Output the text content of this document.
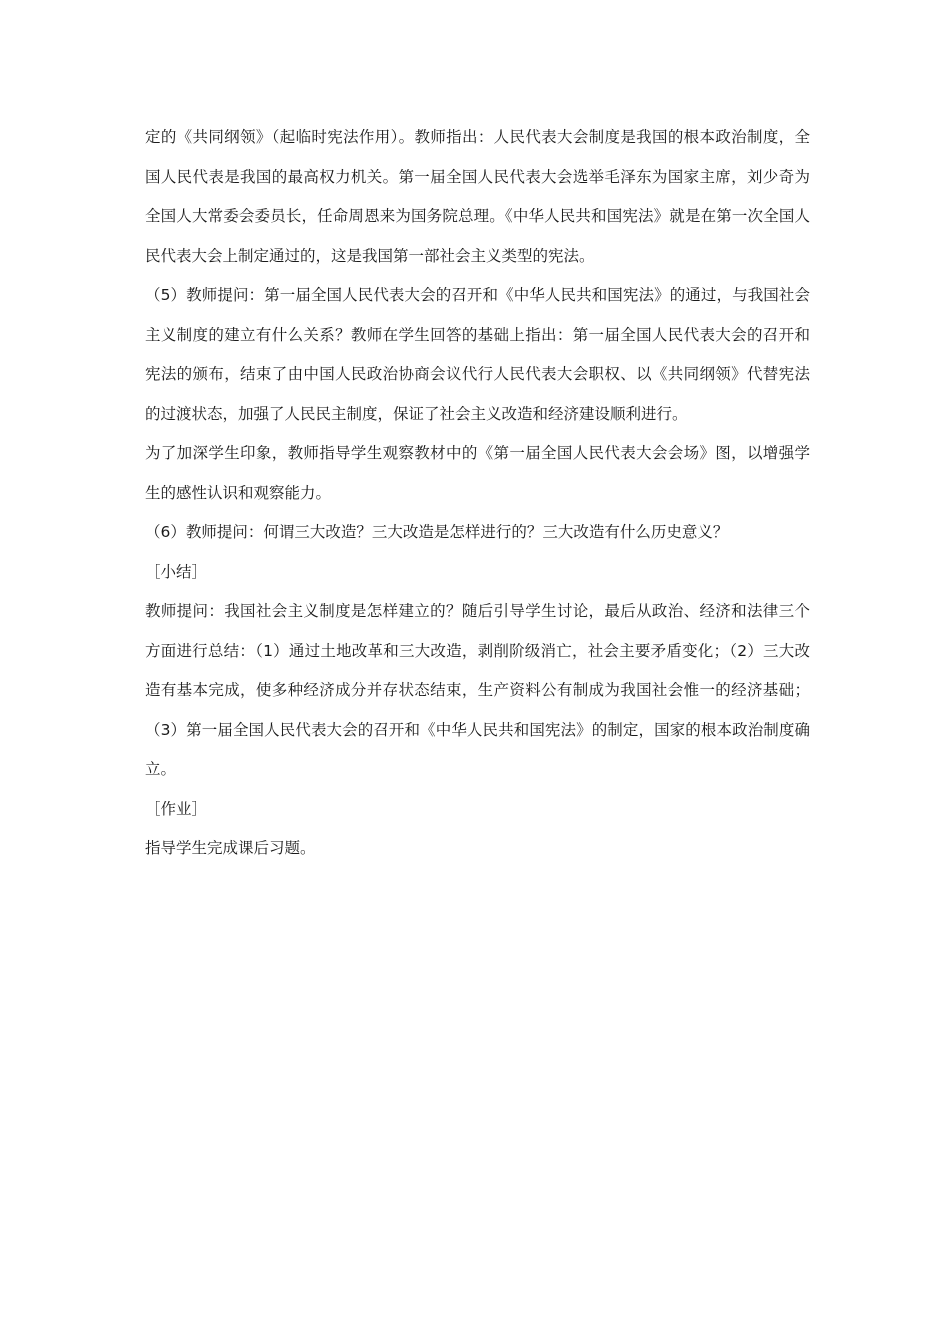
定的《共同纲领》（起临时宪法作用）。教师指出：人民代表大会制度是我国的根本政治制度，全国人民代表是我国的最高权力机关。第一届全国人民代表大会选举毛泽东为国家主席，刘少奇为全国人大常委会委员长，任命周恩来为国务院总理。《中华人民共和国宪法》就是在第一次全国人民代表大会上制定通过的，这是我国第一部社会主义类型的宪法。

（5）教师提问：第一届全国人民代表大会的召开和《中华人民共和国宪法》的通过，与我国社会主义制度的建立有什么关系？教师在学生回答的基础上指出：第一届全国人民代表大会的召开和宪法的颁布，结束了由中国人民政治协商会议代行人民代表大会职权、以《共同纲领》代替宪法的过渡状态，加强了人民民主制度，保证了社会主义改造和经济建设顺利进行。

为了加深学生印象，教师指导学生观察教材中的《第一届全国人民代表大会会场》图，以增强学生的感性认识和观察能力。

（6）教师提问：何谓三大改造？三大改造是怎样进行的？三大改造有什么历史意义？

［小结］

教师提问：我国社会主义制度是怎样建立的？随后引导学生讨论，最后从政治、经济和法律三个方面进行总结：（1）通过土地改革和三大改造，剥削阶级消亡，社会主要矛盾变化；（2）三大改造有基本完成，使多种经济成分并存状态结束，生产资料公有制成为我国社会惟一的经济基础；（3）第一届全国人民代表大会的召开和《中华人民共和国宪法》的制定，国家的根本政治制度确立。

［作业］

指导学生完成课后习题。
